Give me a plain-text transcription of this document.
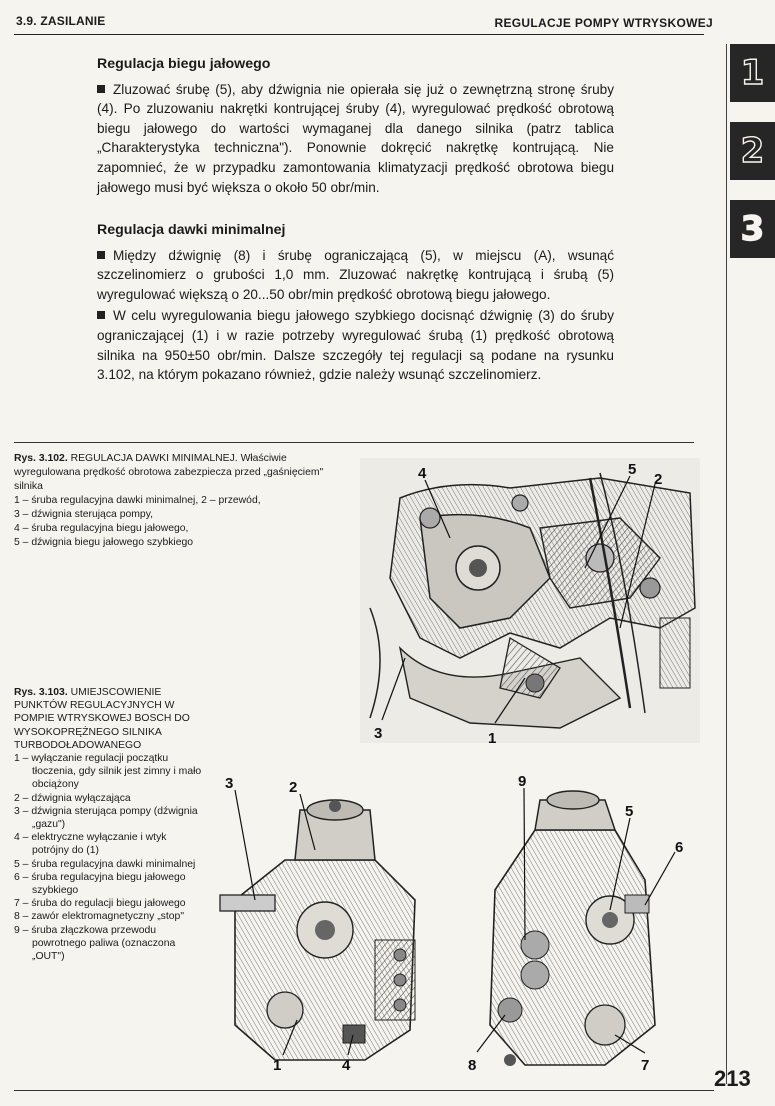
3.9. ZASILANIE	REGULACJE POMPY WTRYSKOWEJ
1
2
3
Regulacja biegu jałowego

Zluzować śrubę (5), aby dźwignia nie opierała się już o zewnętrzną stronę śruby (4). Po zluzowaniu nakrętki kontrującej śruby (4), wyregulować prędkość obrotową biegu jałowego do wartości wymaganej dla danego silnika (patrz tablica „Charakterystyka techniczna"). Ponownie dokręcić nakrętkę kontrującą. Nie zapomnieć, że w przypadku zamontowania klimatyzacji prędkość obrotowa biegu jałowego musi być większa o około 50 obr/min.

Regulacja dawki minimalnej

Między dźwignię (8) i śrubę ograniczającą (5), w miejscu (A), wsunąć szczelinomierz o grubości 1,0 mm. Zluzować nakrętkę kontrującą i śrubą (5) wyregulować większą o 20...50 obr/min prędkość obrotową biegu jałowego.

W celu wyregulowania biegu jałowego szybkiego docisnąć dźwignię (3) do śruby ograniczającej (1) i w razie potrzeby wyregulować śrubą (1) prędkość obrotową silnika na 950±50 obr/min. Dalsze szczegóły tej regulacji są podane na rysunku 3.102, na którym pokazano również, gdzie należy wsunąć szczelinomierz.

Rys. 3.102. REGULACJA DAWKI MINIMALNEJ. Właściwie wyregulowana prędkość obrotowa zabezpiecza przed „gaśnięciem" silnika
1 – śruba regulacyjna dawki minimalnej, 2 – przewód,
3 – dźwignia sterująca pompy,
4 – śruba regulacyjna biegu jałowego,
5 – dźwignia biegu jałowego szybkiego
4	5
2
3	1
Rys. 3.103. UMIEJSCOWIENIE PUNKTÓW REGULACYJNYCH W POMPIE WTRYSKOWEJ BOSCH DO WYSOKOPRĘŻNEGO SILNIKA TURBODOŁADOWANEGO
1 – wyłączanie regulacji początku tłoczenia, gdy silnik jest zimny i mało obciążony
2 – dźwignia wyłączająca
3 – dźwignia sterująca pompy (dźwignia „gazu")
4 – elektryczne wyłączanie i wtyk potrójny do (1)
5 – śruba regulacyjna dawki minimalnej
6 – śruba regulacyjna biegu jałowego szybkiego
7 – śruba do regulacji biegu jałowego
8 – zawór elektromagnetyczny „stop"
9 – śruba złączkowa przewodu powrotnego paliwa (oznaczona „OUT")
3	2
1	4
9
5
6
8	7
213
